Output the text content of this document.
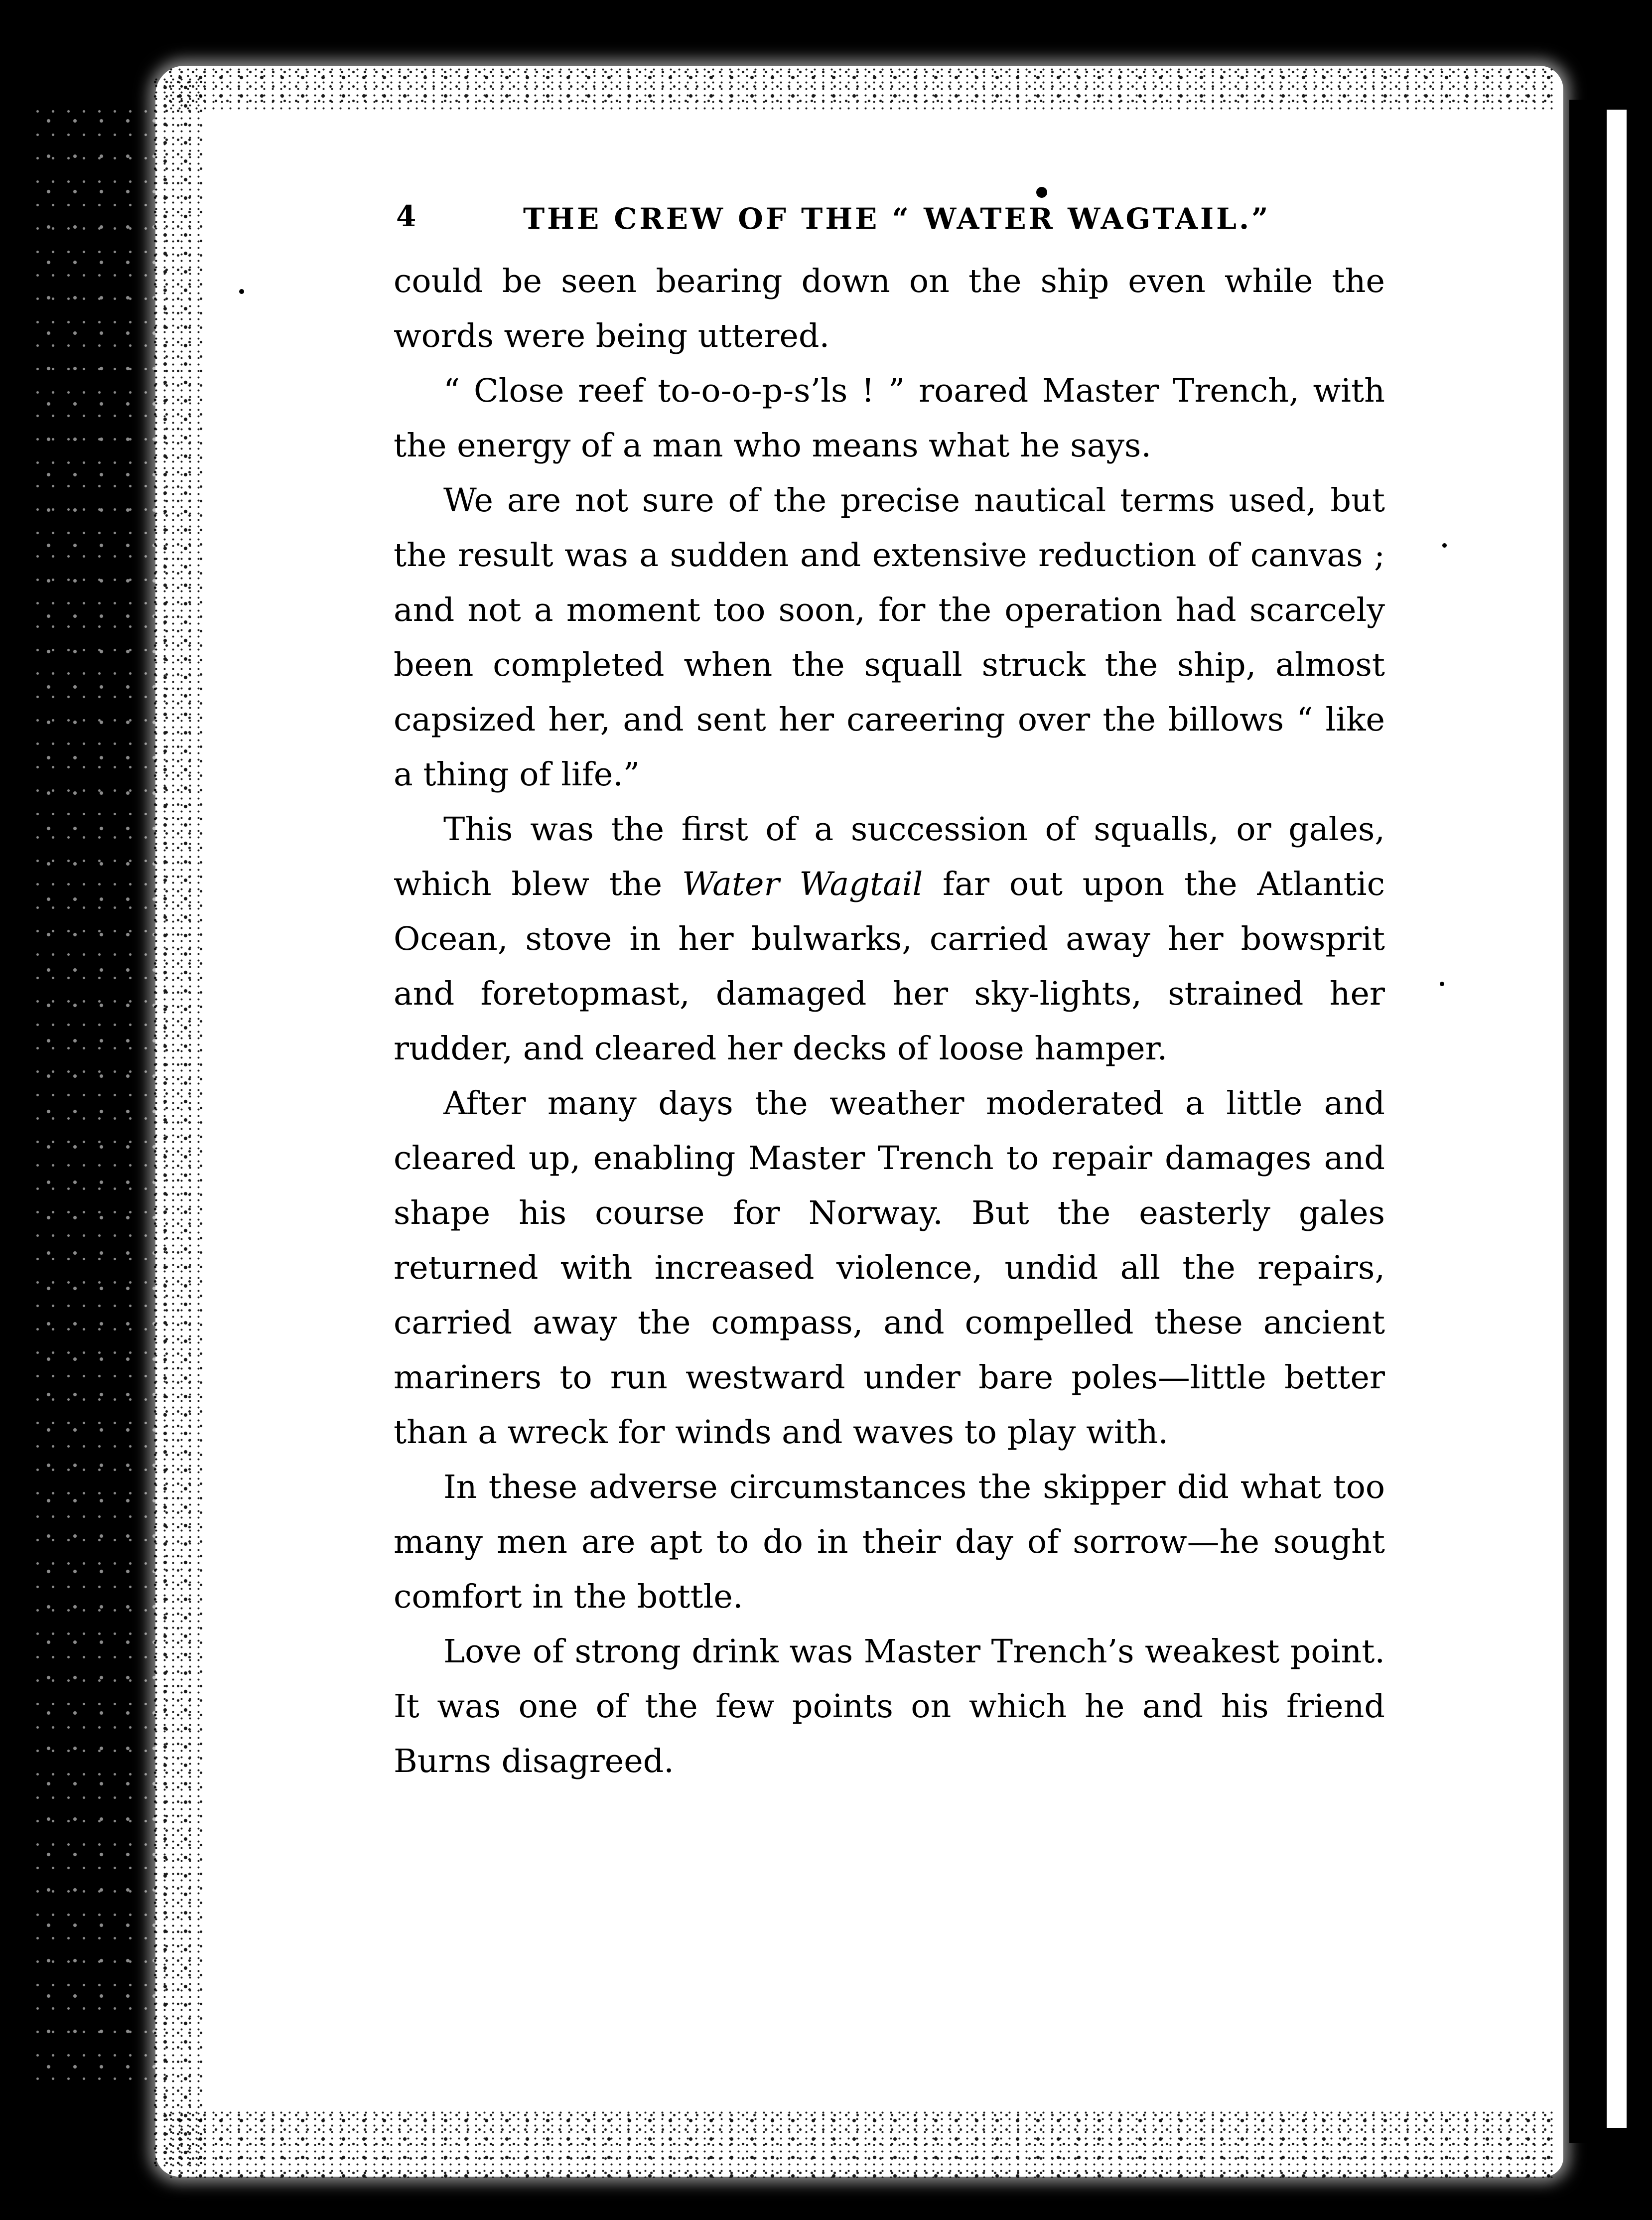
4	THE CREW OF THE “ WATER WAGTAIL.”

could be seen bearing down on the ship even while the words were being uttered.

“ Close reef to-o-o-p-s’ls ! ” roared Master Trench, with the energy of a man who means what he says.

We are not sure of the precise nautical terms used, but the result was a sudden and extensive reduction of canvas ; and not a moment too soon, for the operation had scarcely been completed when the squall struck the ship, almost capsized her, and sent her careering over the billows “ like a thing of life.”

This was the first of a succession of squalls, or gales, which blew the Water Wagtail far out upon the Atlantic Ocean, stove in her bulwarks, carried away her bowsprit and foretopmast, damaged her sky-lights, strained her rudder, and cleared her decks of loose hamper.

After many days the weather moderated a little and cleared up, enabling Master Trench to repair damages and shape his course for Norway. But the easterly gales returned with increased violence, undid all the repairs, carried away the compass, and compelled these ancient mariners to run westward under bare poles—little better than a wreck for winds and waves to play with.

In these adverse circumstances the skipper did what too many men are apt to do in their day of sorrow—he sought comfort in the bottle.

Love of strong drink was Master Trench’s weakest point. It was one of the few points on which he and his friend Burns disagreed.
